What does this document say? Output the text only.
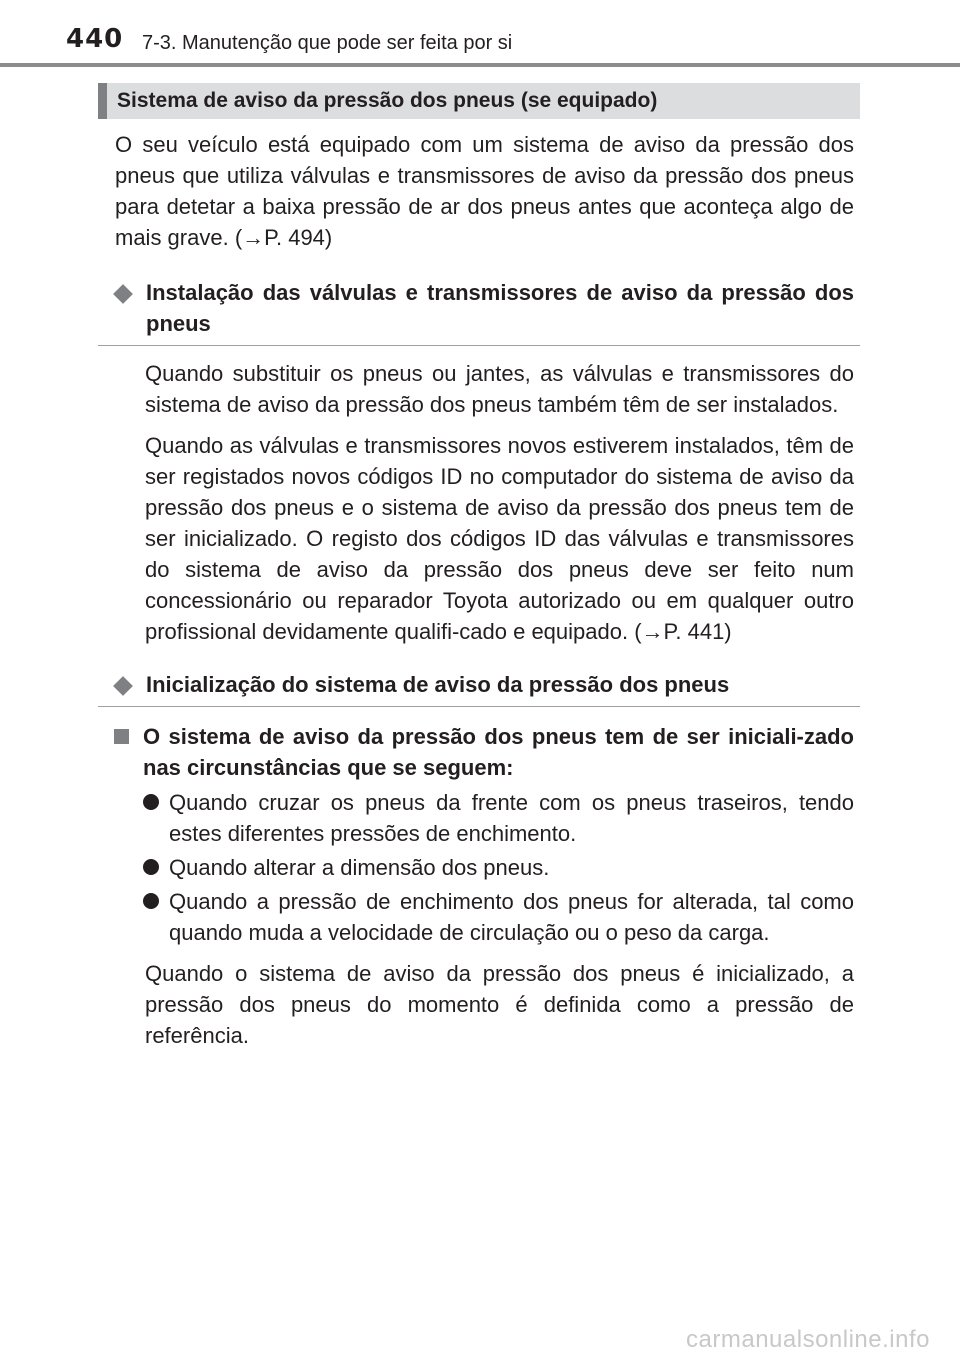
440 7-3. Manutenção que pode ser feita por si
Sistema de aviso da pressão dos pneus (se equipado)

O seu veículo está equipado com um sistema de aviso da pressão dos pneus que utiliza válvulas e transmissores de aviso da pressão dos pneus para detetar a baixa pressão de ar dos pneus antes que aconteça algo de mais grave. (→P. 494)

Instalação das válvulas e transmissores de aviso da pressão dos pneus

Quando substituir os pneus ou jantes, as válvulas e transmissores do sistema de aviso da pressão dos pneus também têm de ser instalados.

Quando as válvulas e transmissores novos estiverem instalados, têm de ser registados novos códigos ID no computador do sistema de aviso da pressão dos pneus e o sistema de aviso da pressão dos pneus tem de ser inicializado. O registo dos códigos ID das válvulas e transmissores do sistema de aviso da pressão dos pneus deve ser feito num concessionário ou reparador Toyota autorizado ou em qualquer outro profissional devidamente qualifi-cado e equipado. (→P. 441)

Inicialização do sistema de aviso da pressão dos pneus
O sistema de aviso da pressão dos pneus tem de ser iniciali-zado nas circunstâncias que se seguem:

Quando cruzar os pneus da frente com os pneus traseiros, tendo estes diferentes pressões de enchimento.

Quando alterar a dimensão dos pneus.

Quando a pressão de enchimento dos pneus for alterada, tal como quando muda a velocidade de circulação ou o peso da carga.

Quando o sistema de aviso da pressão dos pneus é inicializado, a pressão dos pneus do momento é definida como a pressão de referência.

carmanualsonline.info
